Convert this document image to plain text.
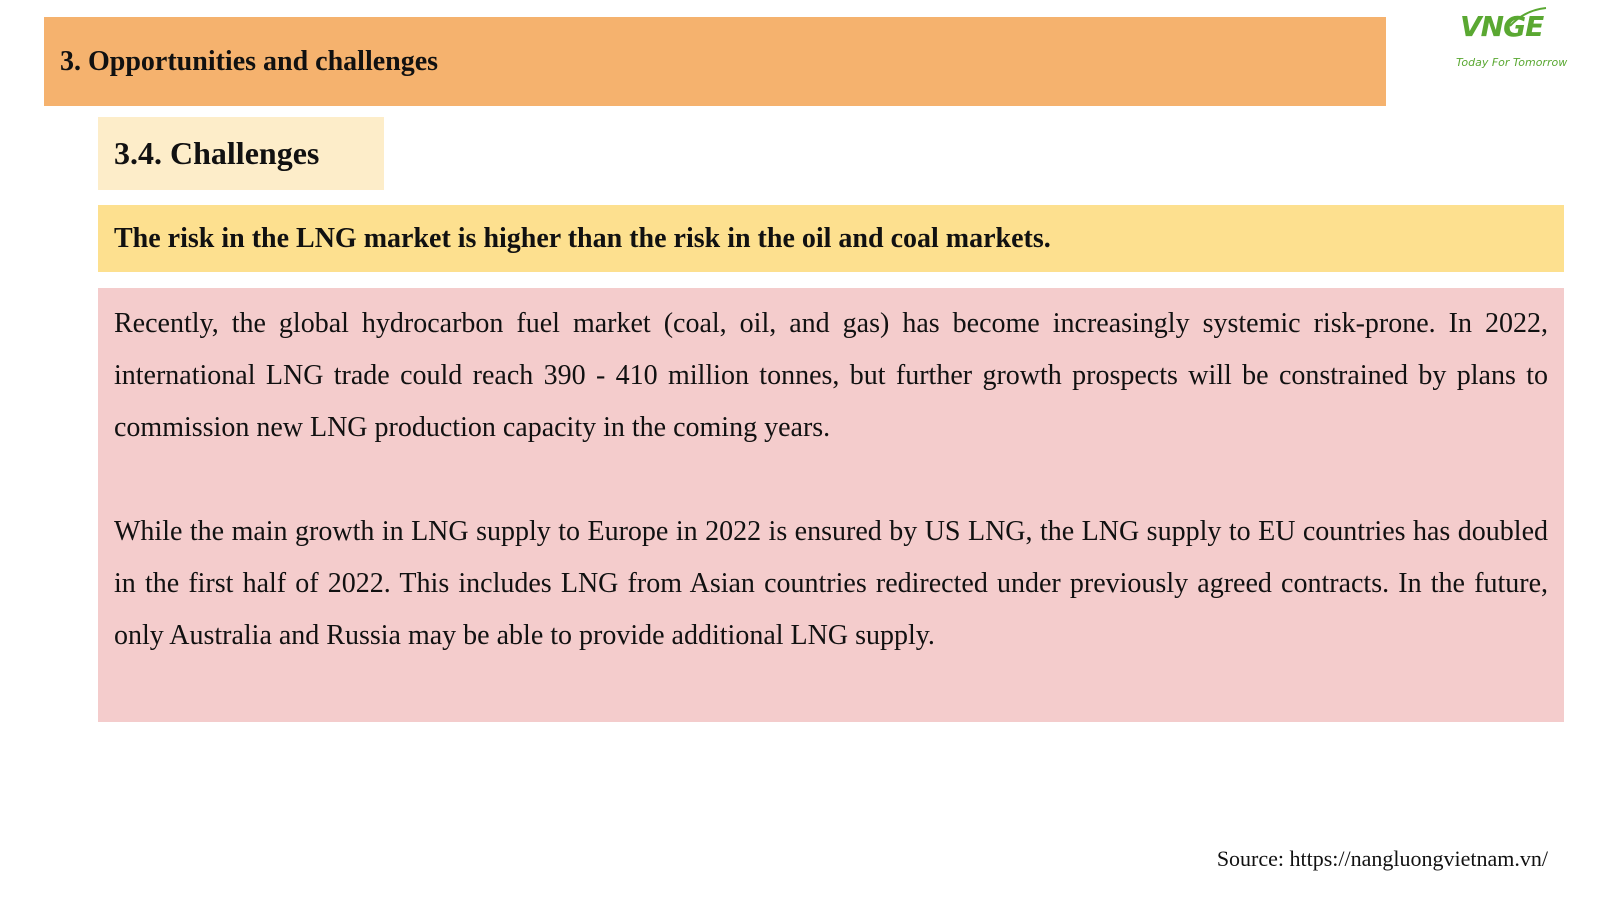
3. Opportunities and challenges
VNGE
Today For Tomorrow
3.4. Challenges
The risk in the LNG market is higher than the risk in the oil and coal markets.

Recently, the global hydrocarbon fuel market (coal, oil, and gas) has become increasingly systemic risk-prone. In 2022, international LNG trade could reach 390 - 410 million tonnes, but further growth prospects will be constrained by plans to commission new LNG production capacity in the coming years.

While the main growth in LNG supply to Europe in 2022 is ensured by US LNG, the LNG supply to EU countries has doubled in the first half of 2022. This includes LNG from Asian countries redirected under previously agreed contracts. In the future, only Australia and Russia may be able to provide additional LNG supply.

Source: https://nangluongvietnam.vn/
